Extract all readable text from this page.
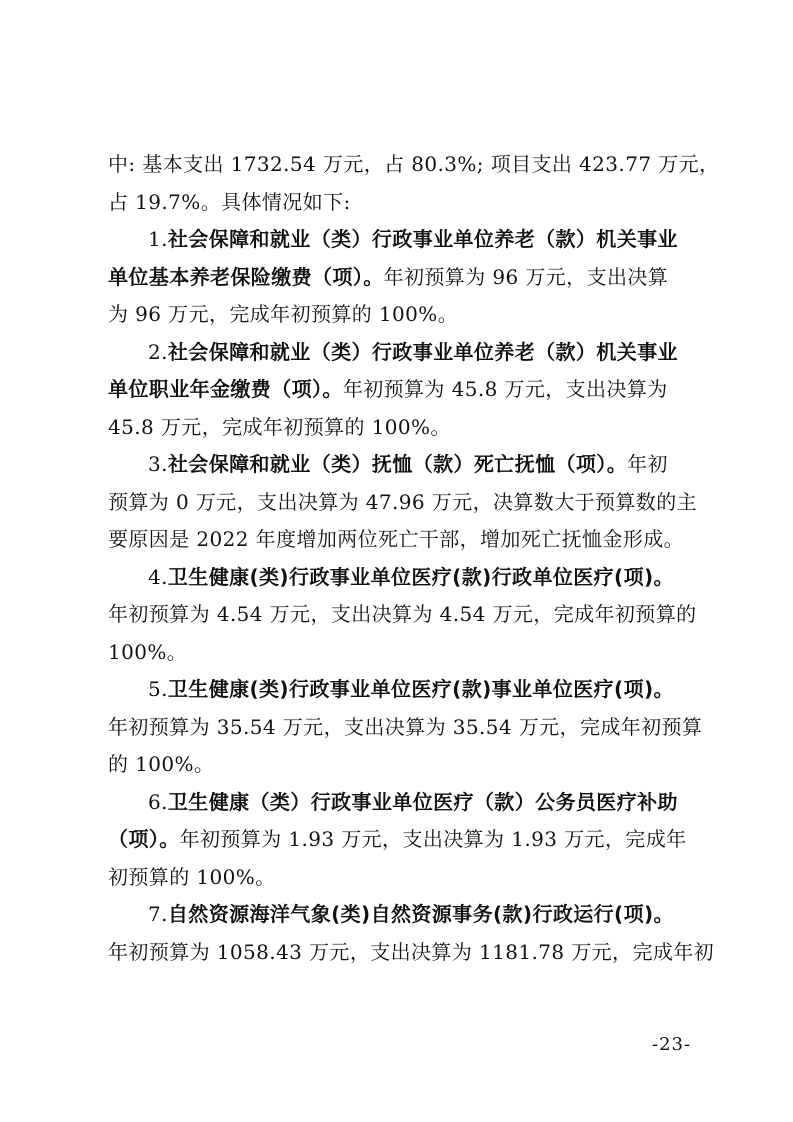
中: 基本支出 1732.54 万元，占 80.3%; 项目支出 423.77 万元，
占 19.7%。具体情况如下:
1.社会保障和就业（类）行政事业单位养老（款）机关事业
单位基本养老保险缴费（项）。年初预算为 96 万元，支出决算
为 96 万元，完成年初预算的 100%。
2.社会保障和就业（类）行政事业单位养老（款）机关事业
单位职业年金缴费（项）。年初预算为 45.8 万元，支出决算为
45.8 万元，完成年初预算的 100%。
3.社会保障和就业（类）抚恤（款）死亡抚恤（项）。年初
预算为 0 万元，支出决算为 47.96 万元，决算数大于预算数的主
要原因是 2022 年度增加两位死亡干部，增加死亡抚恤金形成。
4.卫生健康(类)行政事业单位医疗(款)行政单位医疗(项)。
年初预算为 4.54 万元，支出决算为 4.54 万元，完成年初预算的
100%。
5.卫生健康(类)行政事业单位医疗(款)事业单位医疗(项)。
年初预算为 35.54 万元，支出决算为 35.54 万元，完成年初预算
的 100%。
6.卫生健康（类）行政事业单位医疗（款）公务员医疗补助
（项）。年初预算为 1.93 万元，支出决算为 1.93 万元，完成年
初预算的 100%。
7.自然资源海洋气象(类)自然资源事务(款)行政运行(项)。
年初预算为 1058.43 万元，支出决算为 1181.78 万元，完成年初
-23-
